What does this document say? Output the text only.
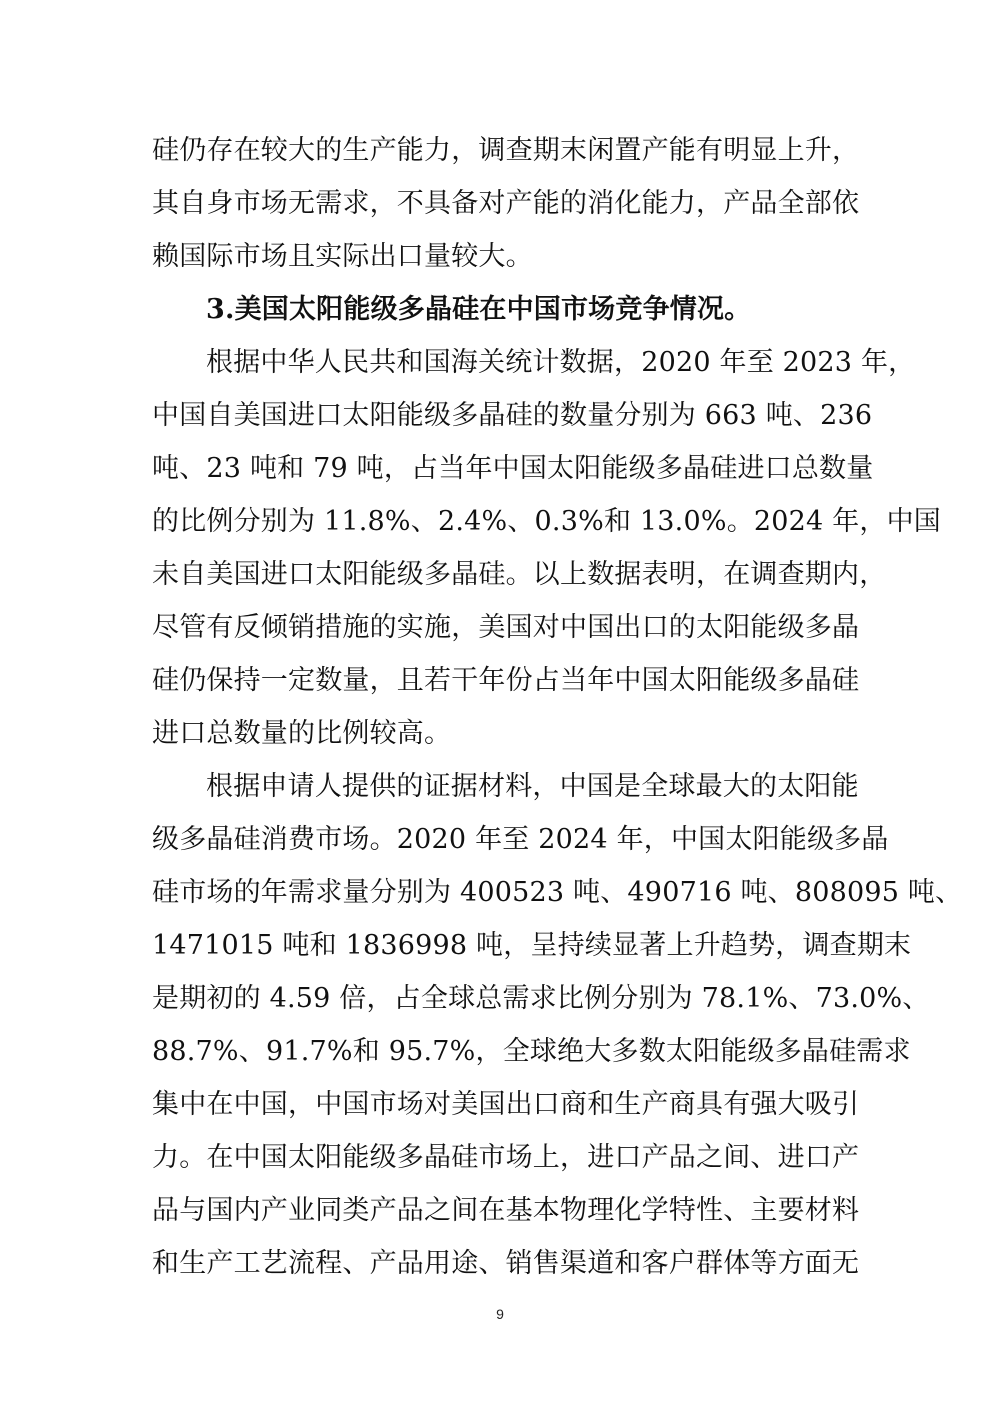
硅仍存在较大的生产能力，调查期末闲置产能有明显上升，
其自身市场无需求，不具备对产能的消化能力，产品全部依
赖国际市场且实际出口量较大。
3.美国太阳能级多晶硅在中国市场竞争情况。
根据中华人民共和国海关统计数据，2020 年至 2023 年，
中国自美国进口太阳能级多晶硅的数量分别为 663 吨、236
吨、23 吨和 79 吨，占当年中国太阳能级多晶硅进口总数量
的比例分别为 11.8%、2.4%、0.3%和 13.0%。2024 年，中国
未自美国进口太阳能级多晶硅。以上数据表明，在调查期内，
尽管有反倾销措施的实施，美国对中国出口的太阳能级多晶
硅仍保持一定数量，且若干年份占当年中国太阳能级多晶硅
进口总数量的比例较高。
根据申请人提供的证据材料，中国是全球最大的太阳能
级多晶硅消费市场。2020 年至 2024 年，中国太阳能级多晶
硅市场的年需求量分别为 400523 吨、490716 吨、808095 吨、
1471015 吨和 1836998 吨，呈持续显著上升趋势，调查期末
是期初的 4.59 倍，占全球总需求比例分别为 78.1%、73.0%、
88.7%、91.7%和 95.7%，全球绝大多数太阳能级多晶硅需求
集中在中国，中国市场对美国出口商和生产商具有强大吸引
力。在中国太阳能级多晶硅市场上，进口产品之间、进口产
品与国内产业同类产品之间在基本物理化学特性、主要材料
和生产工艺流程、产品用途、销售渠道和客户群体等方面无
9
